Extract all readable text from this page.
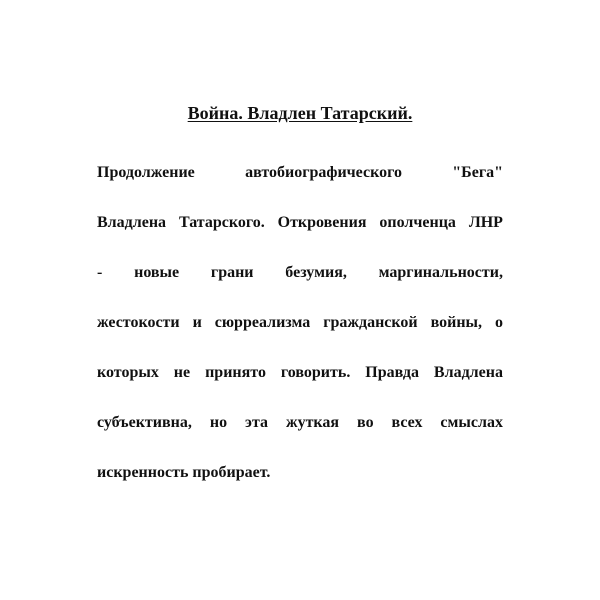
Война. Владлен Татарский.
Продолжение	автобиографического	"Бега"
Владлена Татарского. Откровения ополченца ЛНР
- новые грани безумия, маргинальности,
жестокости и сюрреализма гражданской войны, о
которых не принято говорить. Правда Владлена
субъективна, но эта жуткая во всех смыслах
искренность пробирает.
